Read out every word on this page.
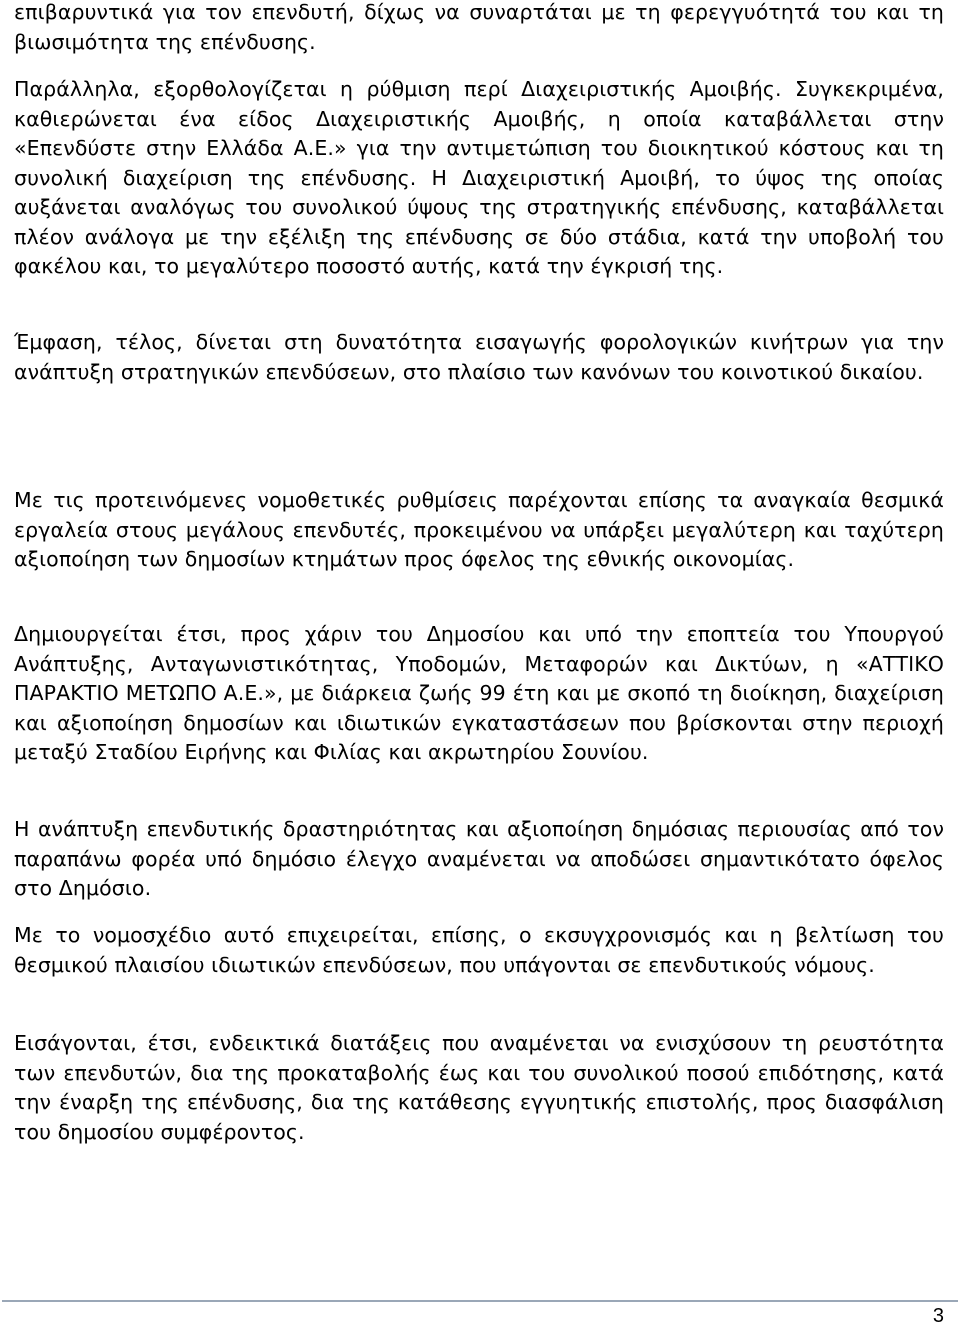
επιβαρυντικά για τον επενδυτή, δίχως να συναρτάται με τη φερεγγυότητά του και τη βιωσιμότητα της επένδυσης.

Παράλληλα, εξορθολογίζεται η ρύθμιση περί Διαχειριστικής Αμοιβής. Συγκεκριμένα, καθιερώνεται ένα είδος Διαχειριστικής Αμοιβής, η οποία καταβάλλεται στην «Επενδύστε στην Ελλάδα Α.Ε.» για την αντιμετώπιση του διοικητικού κόστους και τη συνολική διαχείριση της επένδυσης. Η Διαχειριστική Αμοιβή, το ύψος της οποίας αυξάνεται αναλόγως του συνολικού ύψους της στρατηγικής επένδυσης, καταβάλλεται πλέον ανάλογα με την εξέλιξη της επένδυσης σε δύο στάδια, κατά την υποβολή του φακέλου και, το μεγαλύτερο ποσοστό αυτής, κατά την έγκρισή της.

Έμφαση, τέλος, δίνεται στη δυνατότητα εισαγωγής φορολογικών κινήτρων για την ανάπτυξη στρατηγικών επενδύσεων, στο πλαίσιο των κανόνων του κοινοτικού δικαίου.

Με τις προτεινόμενες νομοθετικές ρυθμίσεις παρέχονται επίσης τα αναγκαία θεσμικά εργαλεία στους μεγάλους επενδυτές, προκειμένου να υπάρξει μεγαλύτερη και ταχύτερη αξιοποίηση των δημοσίων κτημάτων προς όφελος της εθνικής οικονομίας.

Δημιουργείται έτσι, προς χάριν του Δημοσίου και υπό την εποπτεία του Υπουργού Ανάπτυξης, Ανταγωνιστικότητας, Υποδομών, Μεταφορών και Δικτύων, η «ΑΤΤΙΚΟ ΠΑΡΑΚΤΙΟ ΜΕΤΩΠΟ Α.Ε.», με διάρκεια ζωής 99 έτη και με σκοπό τη διοίκηση, διαχείριση και αξιοποίηση δημοσίων και ιδιωτικών εγκαταστάσεων που βρίσκονται στην περιοχή μεταξύ Σταδίου Ειρήνης και Φιλίας και ακρωτηρίου Σουνίου.

Η ανάπτυξη επενδυτικής δραστηριότητας και αξιοποίηση δημόσιας περιουσίας από τον παραπάνω φορέα υπό δημόσιο έλεγχο αναμένεται να αποδώσει σημαντικότατο όφελος στο Δημόσιο.

Με το νομοσχέδιο αυτό επιχειρείται, επίσης, ο εκσυγχρονισμός και η βελτίωση του θεσμικού πλαισίου ιδιωτικών επενδύσεων, που υπάγονται σε επενδυτικούς νόμους.

Εισάγονται, έτσι, ενδεικτικά διατάξεις που αναμένεται να ενισχύσουν τη ρευστότητα των επενδυτών, δια της προκαταβολής έως και του συνολικού ποσού επιδότησης, κατά την έναρξη της επένδυσης, δια της κατάθεσης εγγυητικής επιστολής, προς διασφάλιση του δημοσίου συμφέροντος.

3
